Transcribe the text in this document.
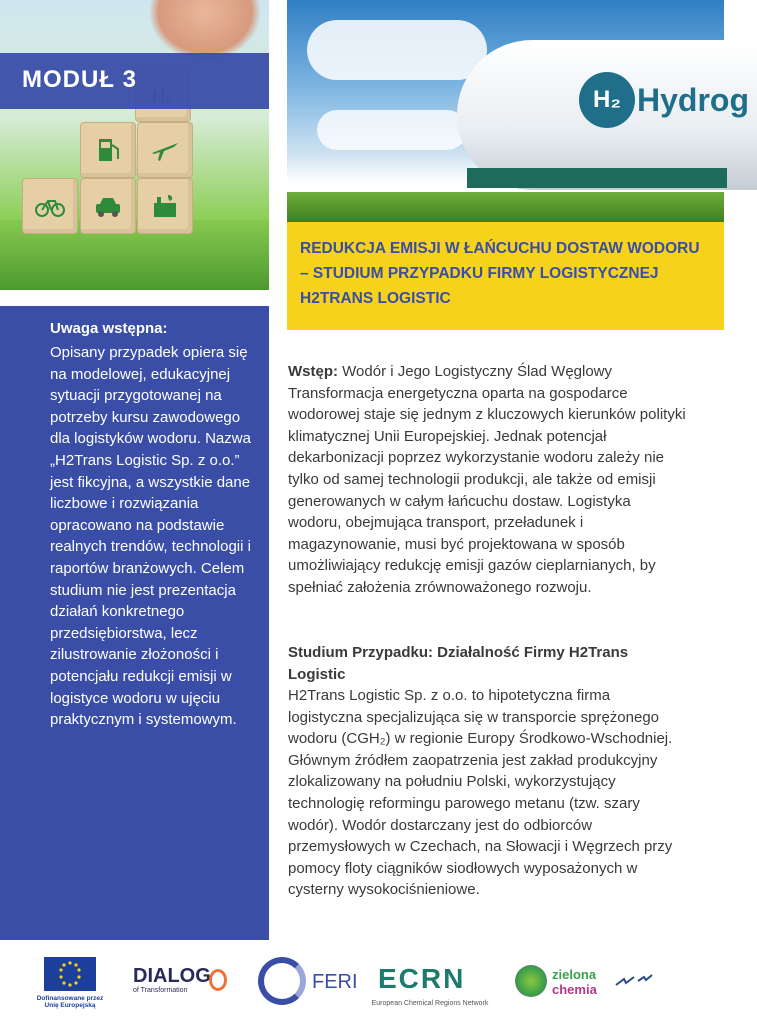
MODUŁ 3
H₂ Hydrog
REDUKCJA EMISJI W ŁAŃCUCHU DOSTAW WODORU – STUDIUM PRZYPADKU FIRMY LOGISTYCZNEJ H2TRANS LOGISTIC
Uwaga wstępna:
Opisany przypadek opiera się na modelowej, edukacyjnej sytuacji przygotowanej na potrzeby kursu zawodowego dla logistyków wodoru. Nazwa „H2Trans Logistic Sp. z o.o.” jest fikcyjna, a wszystkie dane liczbowe i rozwiązania opracowano na podstawie realnych trendów, technologii i raportów branżowych. Celem studium nie jest prezentacja działań konkretnego przedsiębiorstwa, lecz zilustrowanie złożoności i potencjału redukcji emisji w logistyce wodoru w ujęciu praktycznym i systemowym.
Wstęp: Wodór i Jego Logistyczny Ślad Węglowy Transformacja energetyczna oparta na gospodarce wodorowej staje się jednym z kluczowych kierunków polityki klimatycznej Unii Europejskiej. Jednak potencjał dekarbonizacji poprzez wykorzystanie wodoru zależy nie tylko od samej technologii produkcji, ale także od emisji generowanych w całym łańcuchu dostaw. Logistyka wodoru, obejmująca transport, przeładunek i magazynowanie, musi być projektowana w sposób umożliwiający redukcję emisji gazów cieplarnianych, by spełniać założenia zrównoważonego rozwoju.
Studium Przypadku: Działalność Firmy H2Trans Logistic
H2Trans Logistic Sp. z o.o. to hipotetyczna firma logistyczna specjalizująca się w transporcie sprężonego wodoru (CGH₂) w regionie Europy Środkowo-Wschodniej. Głównym źródłem zaopatrzenia jest zakład produkcyjny zlokalizowany na południu Polski, wykorzystujący technologię reformingu parowego metanu (tzw. szary wodór). Wodór dostarczany jest do odbiorców przemysłowych w Czechach, na Słowacji i Węgrzech przy pomocy floty ciągników siodłowych wyposażonych w cysterny wysokociśnieniowe.
Dofinansowane przez Unię Europejską
DIALOG
of Transformation	FERI ECRN
European Chemical Regions Network
zielona
chemia
